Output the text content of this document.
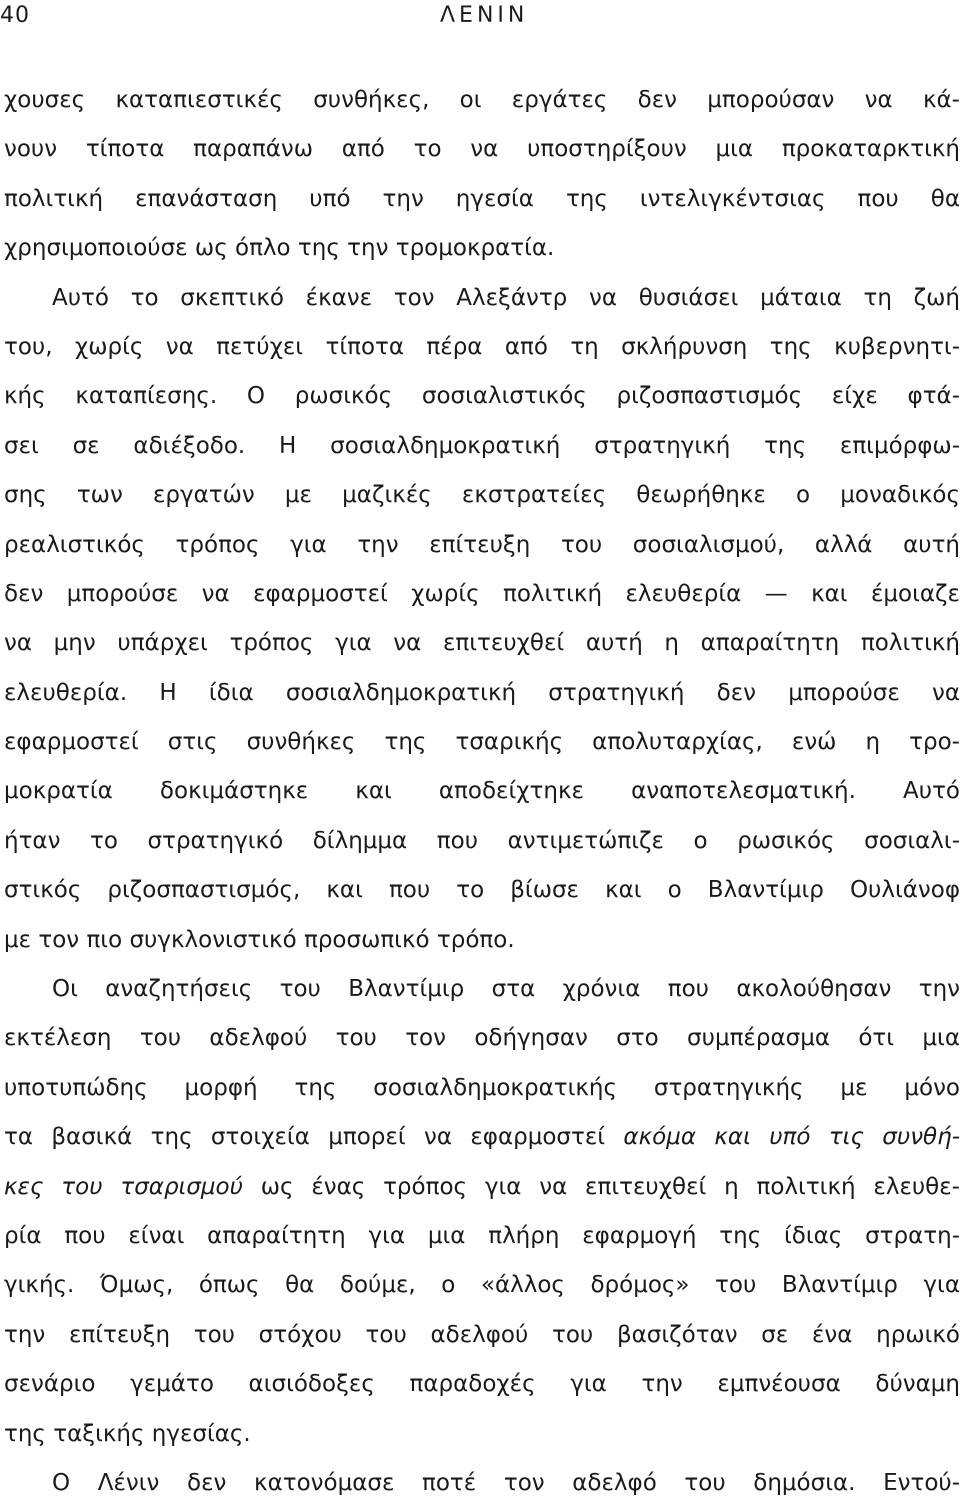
40	ΛΕΝΙΝ
χουσες καταπιεστικές συνθήκες, οι εργάτες δεν μπορούσαν να κά-
νουν τίποτα παραπάνω από το να υποστηρίξουν μια προκαταρκτική
πολιτική επανάσταση υπό την ηγεσία της ιντελιγκέντσιας που θα
χρησιμοποιούσε ως όπλο της την τρομοκρατία.
Αυτό το σκεπτικό έκανε τον Αλεξάντρ να θυσιάσει μάταια τη ζωή
του, χωρίς να πετύχει τίποτα πέρα από τη σκλήρυνση της κυβερνητι-
κής καταπίεσης. Ο ρωσικός σοσιαλιστικός ριζοσπαστισμός είχε φτά-
σει σε αδιέξοδο. Η σοσιαλδημοκρατική στρατηγική της επιμόρφω-
σης των εργατών με μαζικές εκστρατείες θεωρήθηκε ο μοναδικός
ρεαλιστικός τρόπος για την επίτευξη του σοσιαλισμού, αλλά αυτή
δεν μπορούσε να εφαρμοστεί χωρίς πολιτική ελευθερία — και έμοιαζε
να μην υπάρχει τρόπος για να επιτευχθεί αυτή η απαραίτητη πολιτική
ελευθερία. Η ίδια σοσιαλδημοκρατική στρατηγική δεν μπορούσε να
εφαρμοστεί στις συνθήκες της τσαρικής απολυταρχίας, ενώ η τρο-
μοκρατία δοκιμάστηκε και αποδείχτηκε αναποτελεσματική. Αυτό
ήταν το στρατηγικό δίλημμα που αντιμετώπιζε ο ρωσικός σοσιαλι-
στικός ριζοσπαστισμός, και που το βίωσε και ο Βλαντίμιρ Ουλιάνοφ
με τον πιο συγκλονιστικό προσωπικό τρόπο.
Οι αναζητήσεις του Βλαντίμιρ στα χρόνια που ακολούθησαν την
εκτέλεση του αδελφού του τον οδήγησαν στο συμπέρασμα ότι μια
υποτυπώδης μορφή της σοσιαλδημοκρατικής στρατηγικής με μόνο
τα βασικά της στοιχεία μπορεί να εφαρμοστεί ακόμα και υπό τις συνθή-
κες του τσαρισμού ως ένας τρόπος για να επιτευχθεί η πολιτική ελευθε-
ρία που είναι απαραίτητη για μια πλήρη εφαρμογή της ίδιας στρατη-
γικής. Όμως, όπως θα δούμε, ο «άλλος δρόμος» του Βλαντίμιρ για
την επίτευξη του στόχου του αδελφού του βασιζόταν σε ένα ηρωικό
σενάριο γεμάτο αισιόδοξες παραδοχές για την εμπνέουσα δύναμη
της ταξικής ηγεσίας.
Ο Λένιν δεν κατονόμασε ποτέ τον αδελφό του δημόσια. Εντού-
